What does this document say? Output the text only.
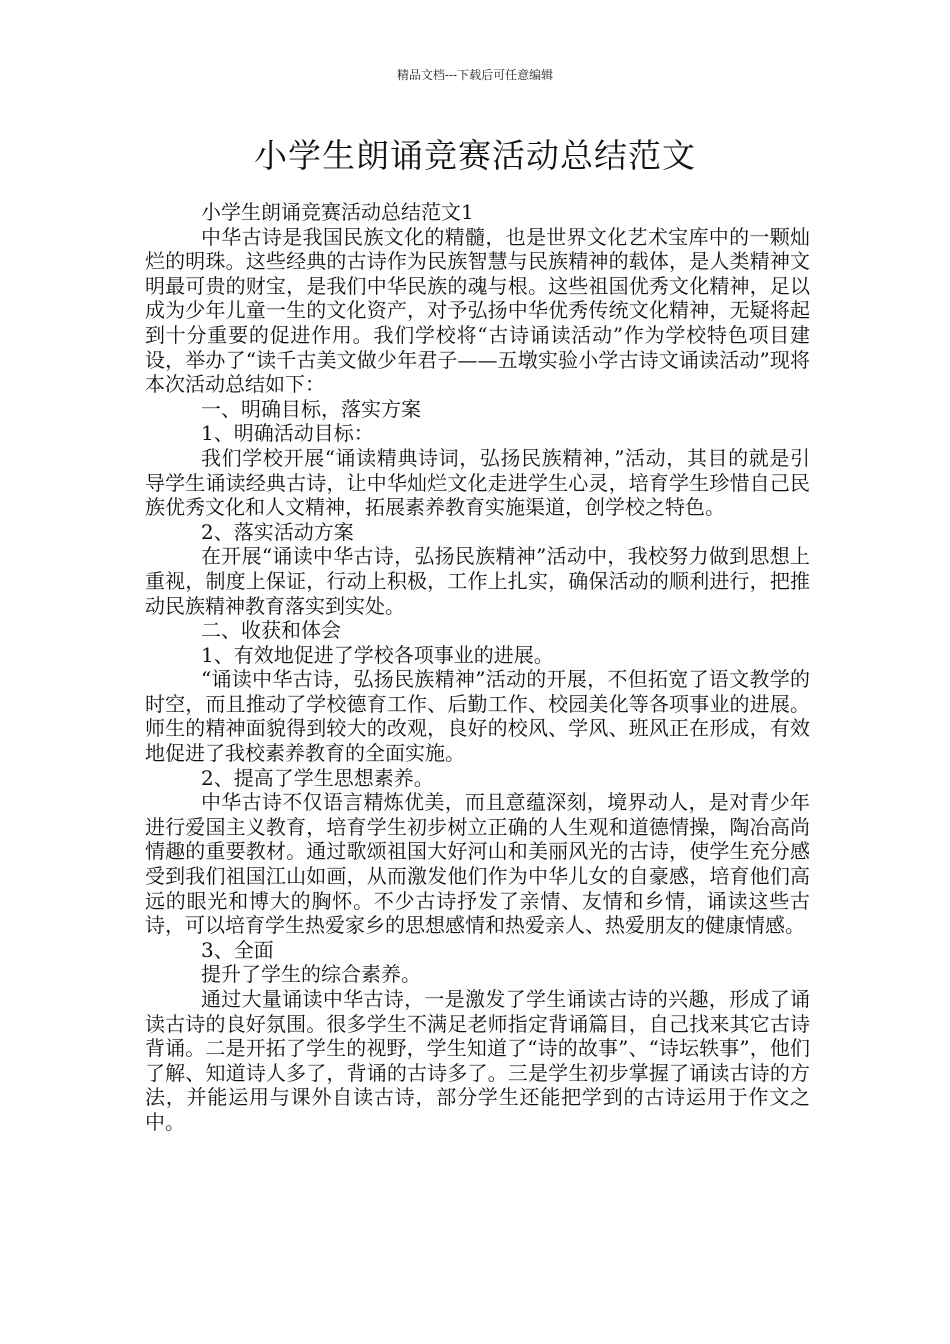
精品文档---下载后可任意编辑
小学生朗诵竞赛活动总结范文

小学生朗诵竞赛活动总结范文1

中华古诗是我国民族文化的精髓，也是世界文化艺术宝库中的一颗灿烂的明珠。这些经典的古诗作为民族智慧与民族精神的载体，是人类精神文明最可贵的财宝，是我们中华民族的魂与根。这些祖国优秀文化精神，足以成为少年儿童一生的文化资产，对予弘扬中华优秀传统文化精神，无疑将起到十分重要的促进作用。我们学校将“古诗诵读活动”作为学校特色项目建设，举办了“读千古美文做少年君子——五墩实验小学古诗文诵读活动”现将本次活动总结如下：

一、明确目标，落实方案

1、明确活动目标：

我们学校开展“诵读精典诗词，弘扬民族精神，”活动，其目的就是引导学生诵读经典古诗，让中华灿烂文化走进学生心灵，培育学生珍惜自己民族优秀文化和人文精神，拓展素养教育实施渠道，创学校之特色。

2、落实活动方案

在开展“诵读中华古诗，弘扬民族精神”活动中，我校努力做到思想上重视，制度上保证，行动上积极，工作上扎实，确保活动的顺利进行，把推动民族精神教育落实到实处。

二、收获和体会

1、有效地促进了学校各项事业的进展。

“诵读中华古诗，弘扬民族精神”活动的开展，不但拓宽了语文教学的时空，而且推动了学校德育工作、后勤工作、校园美化等各项事业的进展。师生的精神面貌得到较大的改观，良好的校风、学风、班风正在形成，有效地促进了我校素养教育的全面实施。

2、提高了学生思想素养。

中华古诗不仅语言精炼优美，而且意蕴深刻，境界动人，是对青少年进行爱国主义教育，培育学生初步树立正确的人生观和道德情操，陶冶高尚情趣的重要教材。通过歌颂祖国大好河山和美丽风光的古诗，使学生充分感受到我们祖国江山如画，从而激发他们作为中华儿女的自豪感，培育他们高远的眼光和博大的胸怀。不少古诗抒发了亲情、友情和乡情，诵读这些古诗，可以培育学生热爱家乡的思想感情和热爱亲人、热爱朋友的健康情感。

3、全面

提升了学生的综合素养。

通过大量诵读中华古诗，一是激发了学生诵读古诗的兴趣，形成了诵读古诗的良好氛围。很多学生不满足老师指定背诵篇目，自己找来其它古诗背诵。二是开拓了学生的视野，学生知道了“诗的故事”、“诗坛轶事”，他们了解、知道诗人多了，背诵的古诗多了。三是学生初步掌握了诵读古诗的方法，并能运用与课外自读古诗，部分学生还能把学到的古诗运用于作文之中。
